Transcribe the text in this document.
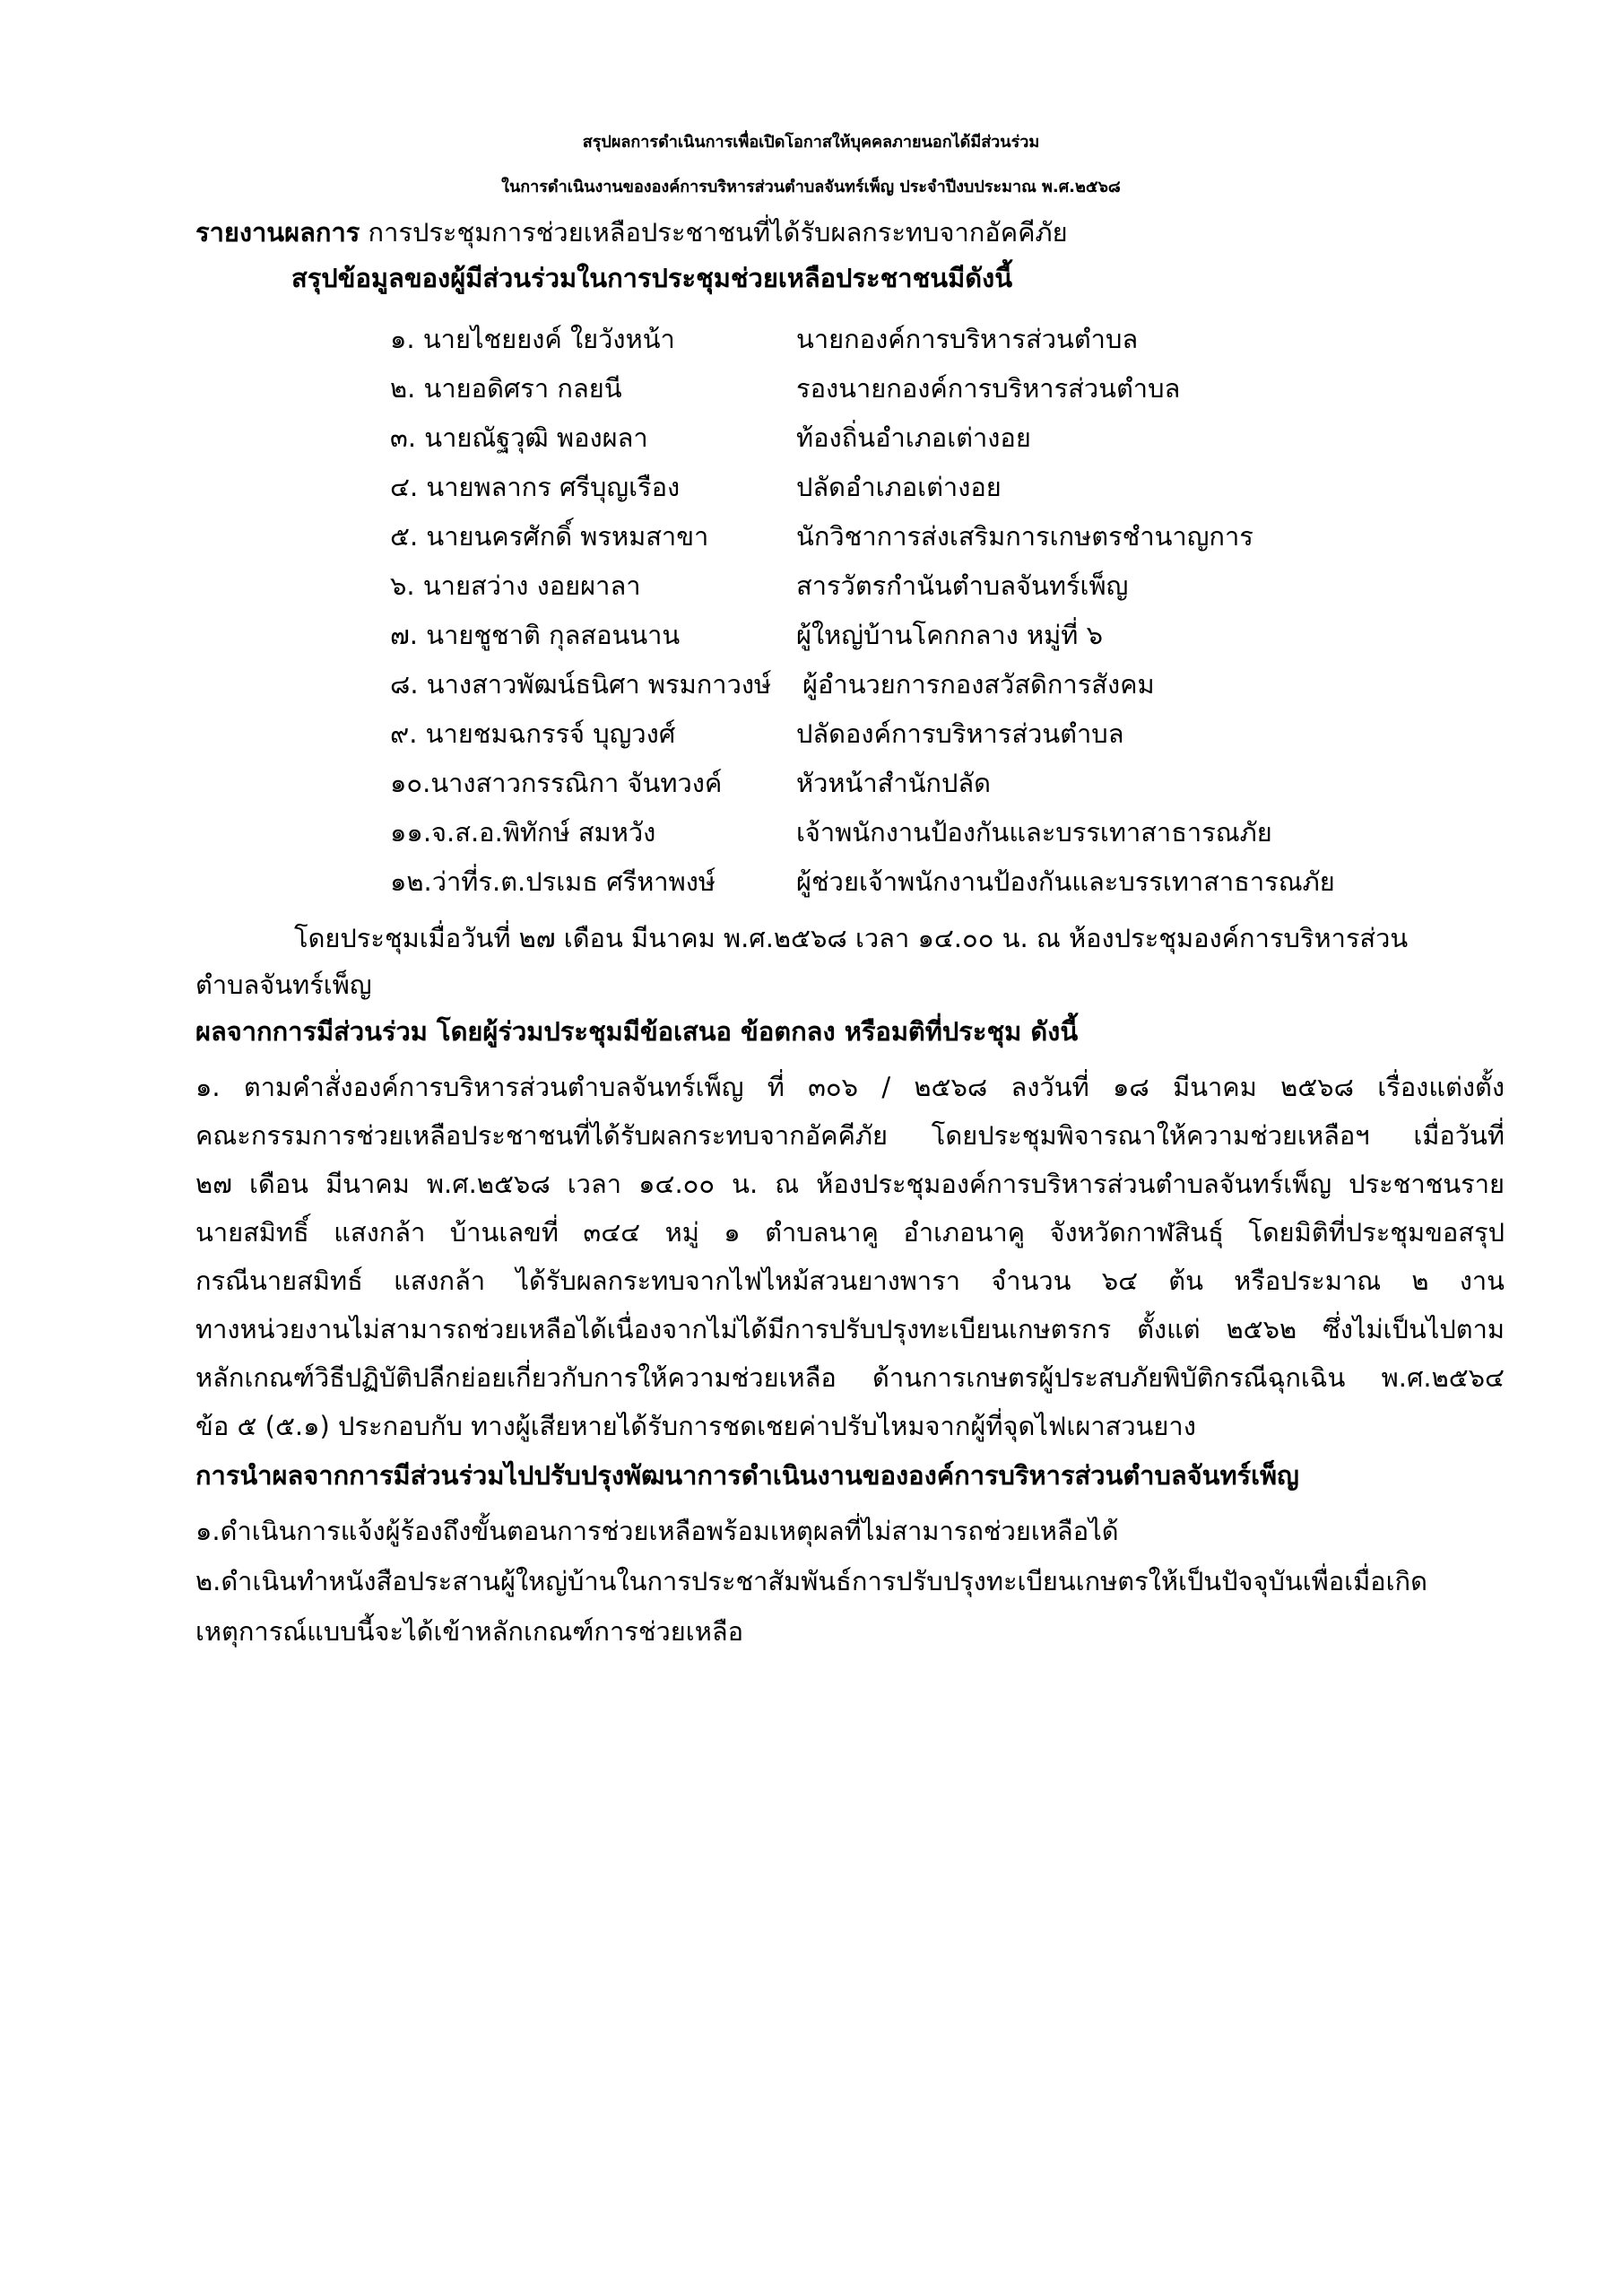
สรุปผลการดำเนินการเพื่อเปิดโอกาสให้บุคคลภายนอกได้มีส่วนร่วม
ในการดำเนินงานขององค์การบริหารส่วนตำบลจันทร์เพ็ญ ประจำปีงบประมาณ พ.ศ.๒๕๖๘
รายงานผลการ การประชุมการช่วยเหลือประชาชนที่ได้รับผลกระทบจากอัคคีภัย
สรุปข้อมูลของผู้มีส่วนร่วมในการประชุมช่วยเหลือประชาชนมีดังนี้
๑. นายไชยยงค์ ใยวังหน้า	นายกองค์การบริหารส่วนตำบล
๒. นายอดิศรา กลยนี	รองนายกองค์การบริหารส่วนตำบล
๓. นายณัฐวุฒิ พองผลา	ท้องถิ่นอำเภอเต่างอย
๔. นายพลากร ศรีบุญเรือง	ปลัดอำเภอเต่างอย
๕. นายนครศักดิ์ พรหมสาขา	นักวิชาการส่งเสริมการเกษตรชำนาญการ
๖. นายสว่าง งอยผาลา	สารวัตรกำนันตำบลจันทร์เพ็ญ
๗. นายชูชาติ กุลสอนนาน	ผู้ใหญ่บ้านโคกกลาง หมู่ที่ ๖
๘. นางสาวพัฒน์ธนิศา พรมกาวงษ์ ผู้อำนวยการกองสวัสดิการสังคม
๙. นายชมฉกรรจ์ บุญวงศ์	ปลัดองค์การบริหารส่วนตำบล
๑๐.นางสาวกรรณิกา จันทวงค์	หัวหน้าสำนักปลัด
๑๑.จ.ส.อ.พิทักษ์ สมหวัง	เจ้าพนักงานป้องกันและบรรเทาสาธารณภัย
๑๒.ว่าที่ร.ต.ปรเมธ ศรีหาพงษ์	ผู้ช่วยเจ้าพนักงานป้องกันและบรรเทาสาธารณภัย
โดยประชุมเมื่อวันที่ ๒๗ เดือน มีนาคม พ.ศ.๒๕๖๘ เวลา ๑๔.๐๐ น. ณ ห้องประชุมองค์การบริหารส่วน
ตำบลจันทร์เพ็ญ
ผลจากการมีส่วนร่วม โดยผู้ร่วมประชุมมีข้อเสนอ ข้อตกลง หรือมติที่ประชุม ดังนี้
๑. ตามคำสั่งองค์การบริหารส่วนตำบลจันทร์เพ็ญ ที่ ๓๐๖ / ๒๕๖๘ ลงวันที่ ๑๘ มีนาคม ๒๕๖๘ เรื่องแต่งตั้ง
คณะกรรมการช่วยเหลือประชาชนที่ได้รับผลกระทบจากอัคคีภัย โดยประชุมพิจารณาให้ความช่วยเหลือฯ เมื่อวันที่
๒๗ เดือน มีนาคม พ.ศ.๒๕๖๘ เวลา ๑๔.๐๐ น. ณ ห้องประชุมองค์การบริหารส่วนตำบลจันทร์เพ็ญ ประชาชนราย
นายสมิทธิ์ แสงกล้า บ้านเลขที่ ๓๔๔ หมู่ ๑ ตำบลนาคู อำเภอนาคู จังหวัดกาฬสินธุ์ โดยมิติที่ประชุมขอสรุป
กรณีนายสมิทธ์ แสงกล้า ได้รับผลกระทบจากไฟไหม้สวนยางพารา จำนวน ๖๔ ต้น หรือประมาณ ๒ งาน
ทางหน่วยงานไม่สามารถช่วยเหลือได้เนื่องจากไม่ได้มีการปรับปรุงทะเบียนเกษตรกร ตั้งแต่ ๒๕๖๒ ซึ่งไม่เป็นไปตาม
หลักเกณฑ์วิธีปฏิบัติปลีกย่อยเกี่ยวกับการให้ความช่วยเหลือ ด้านการเกษตรผู้ประสบภัยพิบัติกรณีฉุกเฉิน พ.ศ.๒๕๖๔
ข้อ ๕ (๕.๑) ประกอบกับ ทางผู้เสียหายได้รับการชดเชยค่าปรับไหมจากผู้ที่จุดไฟเผาสวนยาง
การนำผลจากการมีส่วนร่วมไปปรับปรุงพัฒนาการดำเนินงานขององค์การบริหารส่วนตำบลจันทร์เพ็ญ
๑.ดำเนินการแจ้งผู้ร้องถึงขั้นตอนการช่วยเหลือพร้อมเหตุผลที่ไม่สามารถช่วยเหลือได้
๒.ดำเนินทำหนังสือประสานผู้ใหญ่บ้านในการประชาสัมพันธ์การปรับปรุงทะเบียนเกษตรให้เป็นปัจจุบันเพื่อเมื่อเกิด
เหตุการณ์แบบนี้จะได้เข้าหลักเกณฑ์การช่วยเหลือ
